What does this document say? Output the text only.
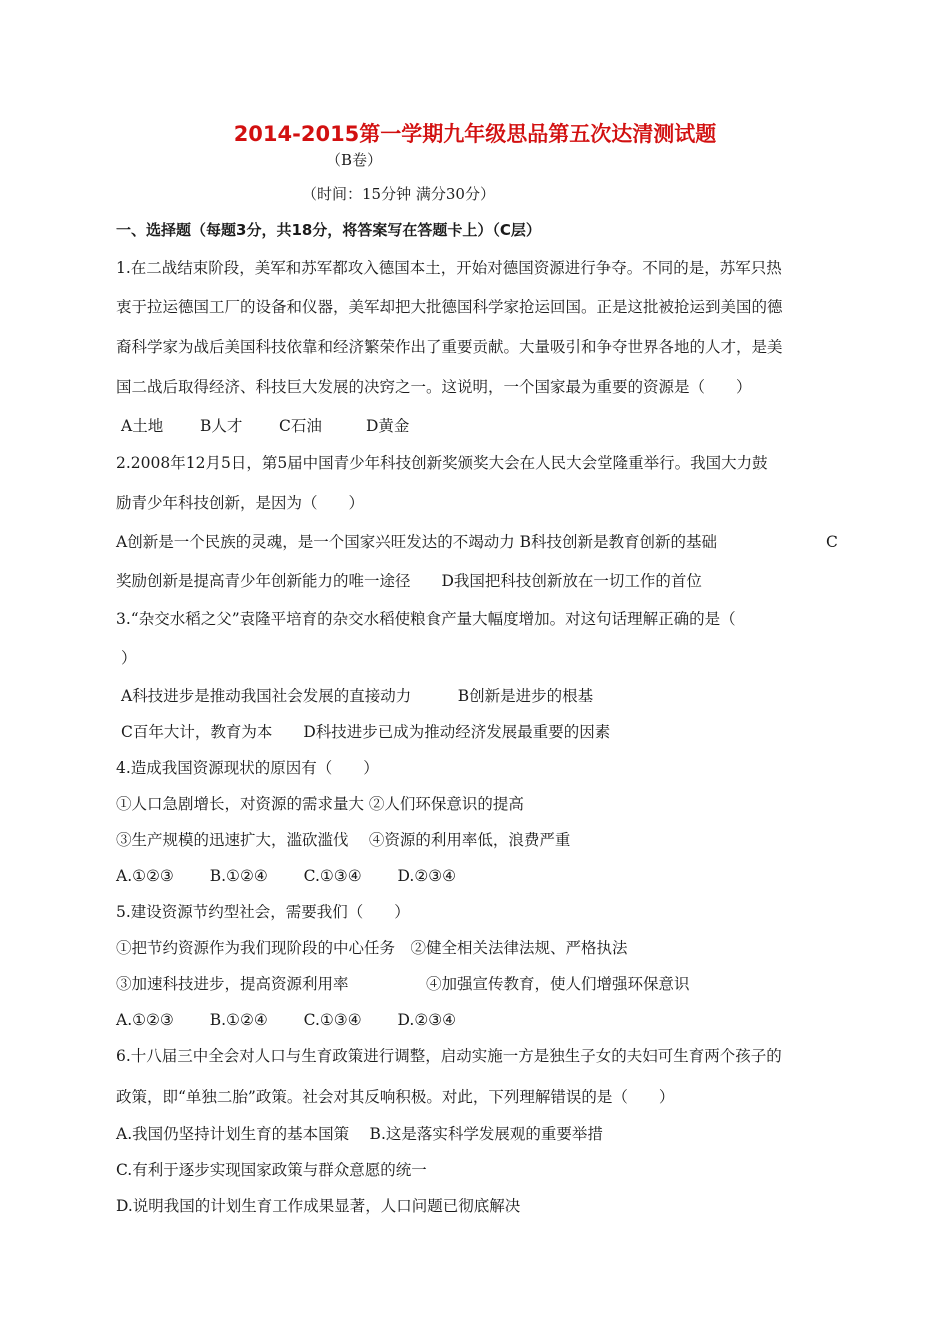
2014-2015第一学期九年级思品第五次达清测试题
（B卷）
（时间：15分钟 满分30分）
一、选择题（每题3分，共18分，将答案写在答题卡上）（C层）
1.在二战结束阶段，美军和苏军都攻入德国本土，开始对德国资源进行争夺。不同的是，苏军只热
衷于拉运德国工厂的设备和仪器，美军却把大批德国科学家抢运回国。正是这批被抢运到美国的德
裔科学家为战后美国科技依靠和经济繁荣作出了重要贡献。大量吸引和争夺世界各地的人才，是美
国二战后取得经济、科技巨大发展的决窍之一。这说明，一个国家最为重要的资源是（　　）
A土地 B人才 C石油	D黄金
2.2008年12月5日，第5届中国青少年科技创新奖颁奖大会在人民大会堂隆重举行。我国大力鼓
励青少年科技创新，是因为（　　）
A创新是一个民族的灵魂，是一个国家兴旺发达的不竭动力 B科技创新是教育创新的基础	C
奖励创新是提高青少年创新能力的唯一途径　　D我国把科技创新放在一切工作的首位
3.“杂交水稻之父”袁隆平培育的杂交水稻使粮食产量大幅度增加。对这句话理解正确的是（
）
A科技进步是推动我国社会发展的直接动力　　　B创新是进步的根基
C百年大计，教育为本　　D科技进步已成为推动经济发展最重要的因素
4.造成我国资源现状的原因有（　　）
①人口急剧增长，对资源的需求量大 ②人们环保意识的提高
③生产规模的迅速扩大，滥砍滥伐　 ④资源的利用率低，浪费严重
A.①②③　　 B.①②④　　 C.①③④　　 D.②③④
5.建设资源节约型社会，需要我们（　　）
①把节约资源作为我们现阶段的中心任务　②健全相关法律法规、严格执法
③加速科技进步，提高资源利用率　　　　　④加强宣传教育，使人们增强环保意识
A.①②③　　 B.①②④　　 C.①③④　　 D.②③④
6.十八届三中全会对人口与生育政策进行调整，启动实施一方是独生子女的夫妇可生育两个孩子的
政策，即“单独二胎”政策。社会对其反响积极。对此，下列理解错误的是（　　）
A.我国仍坚持计划生育的基本国策　 B.这是落实科学发展观的重要举措
C.有利于逐步实现国家政策与群众意愿的统一
D.说明我国的计划生育工作成果显著，人口问题已彻底解决
